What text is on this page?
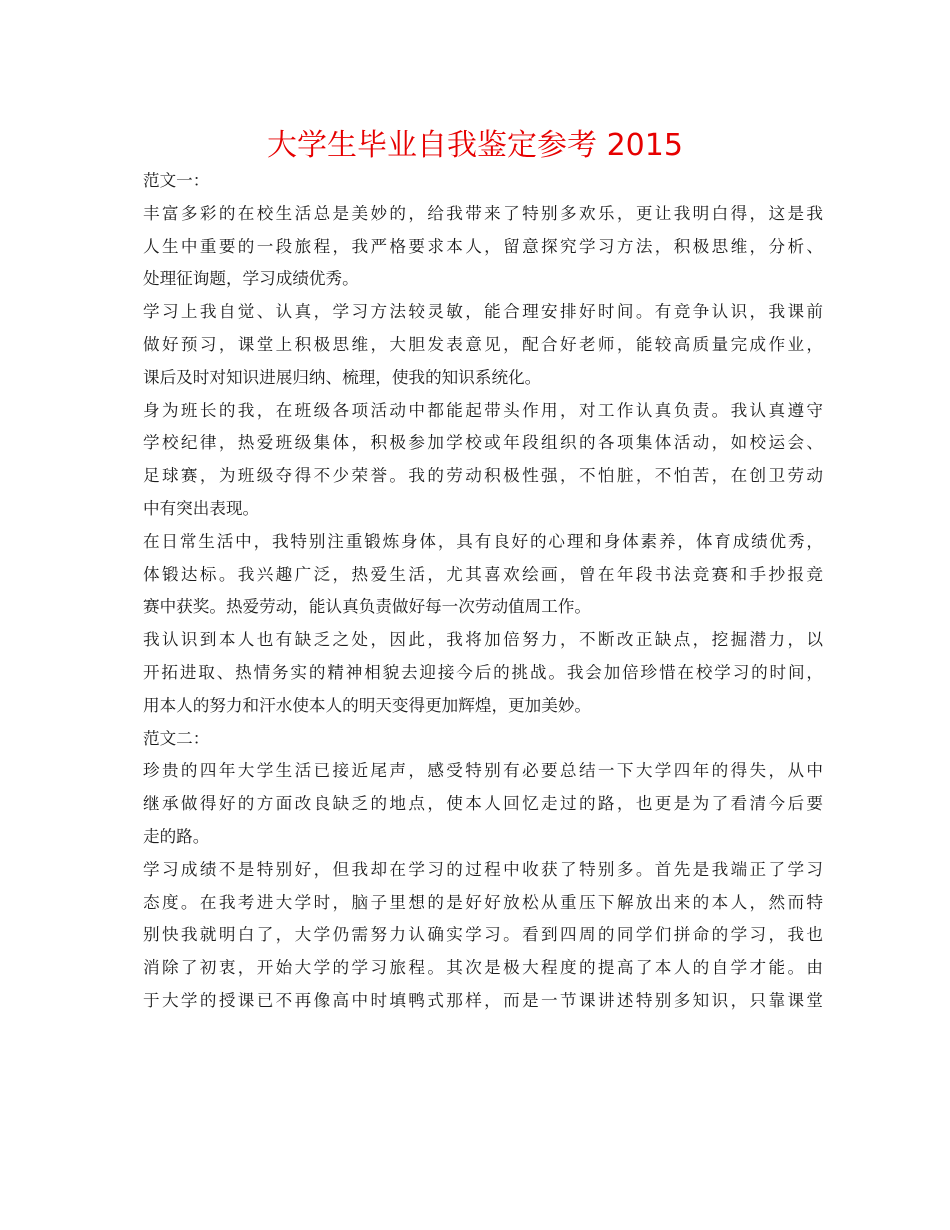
大学生毕业自我鉴定参考 2015
范文一：
丰富多彩的在校生活总是美妙的，给我带来了特别多欢乐，更让我明白得，这是我
人生中重要的一段旅程，我严格要求本人，留意探究学习方法，积极思维，分析、
处理征询题，学习成绩优秀。
学习上我自觉、认真，学习方法较灵敏，能合理安排好时间。有竞争认识，我课前
做好预习，课堂上积极思维，大胆发表意见，配合好老师，能较高质量完成作业，
课后及时对知识进展归纳、梳理，使我的知识系统化。
身为班长的我，在班级各项活动中都能起带头作用，对工作认真负责。我认真遵守
学校纪律，热爱班级集体，积极参加学校或年段组织的各项集体活动，如校运会、
足球赛，为班级夺得不少荣誉。我的劳动积极性强，不怕脏，不怕苦，在创卫劳动
中有突出表现。
在日常生活中，我特别注重锻炼身体，具有良好的心理和身体素养，体育成绩优秀，
体锻达标。我兴趣广泛，热爱生活，尤其喜欢绘画，曾在年段书法竞赛和手抄报竞
赛中获奖。热爱劳动，能认真负责做好每一次劳动值周工作。
我认识到本人也有缺乏之处，因此，我将加倍努力，不断改正缺点，挖掘潜力，以
开拓进取、热情务实的精神相貌去迎接今后的挑战。我会加倍珍惜在校学习的时间，
用本人的努力和汗水使本人的明天变得更加辉煌，更加美妙。
范文二：
珍贵的四年大学生活已接近尾声，感受特别有必要总结一下大学四年的得失，从中
继承做得好的方面改良缺乏的地点，使本人回忆走过的路，也更是为了看清今后要
走的路。
学习成绩不是特别好，但我却在学习的过程中收获了特别多。首先是我端正了学习
态度。在我考进大学时，脑子里想的是好好放松从重压下解放出来的本人，然而特
别快我就明白了，大学仍需努力认确实学习。看到四周的同学们拼命的学习，我也
消除了初衷，开始大学的学习旅程。其次是极大程度的提高了本人的自学才能。由
于大学的授课已不再像高中时填鸭式那样，而是一节课讲述特别多知识，只靠课堂
